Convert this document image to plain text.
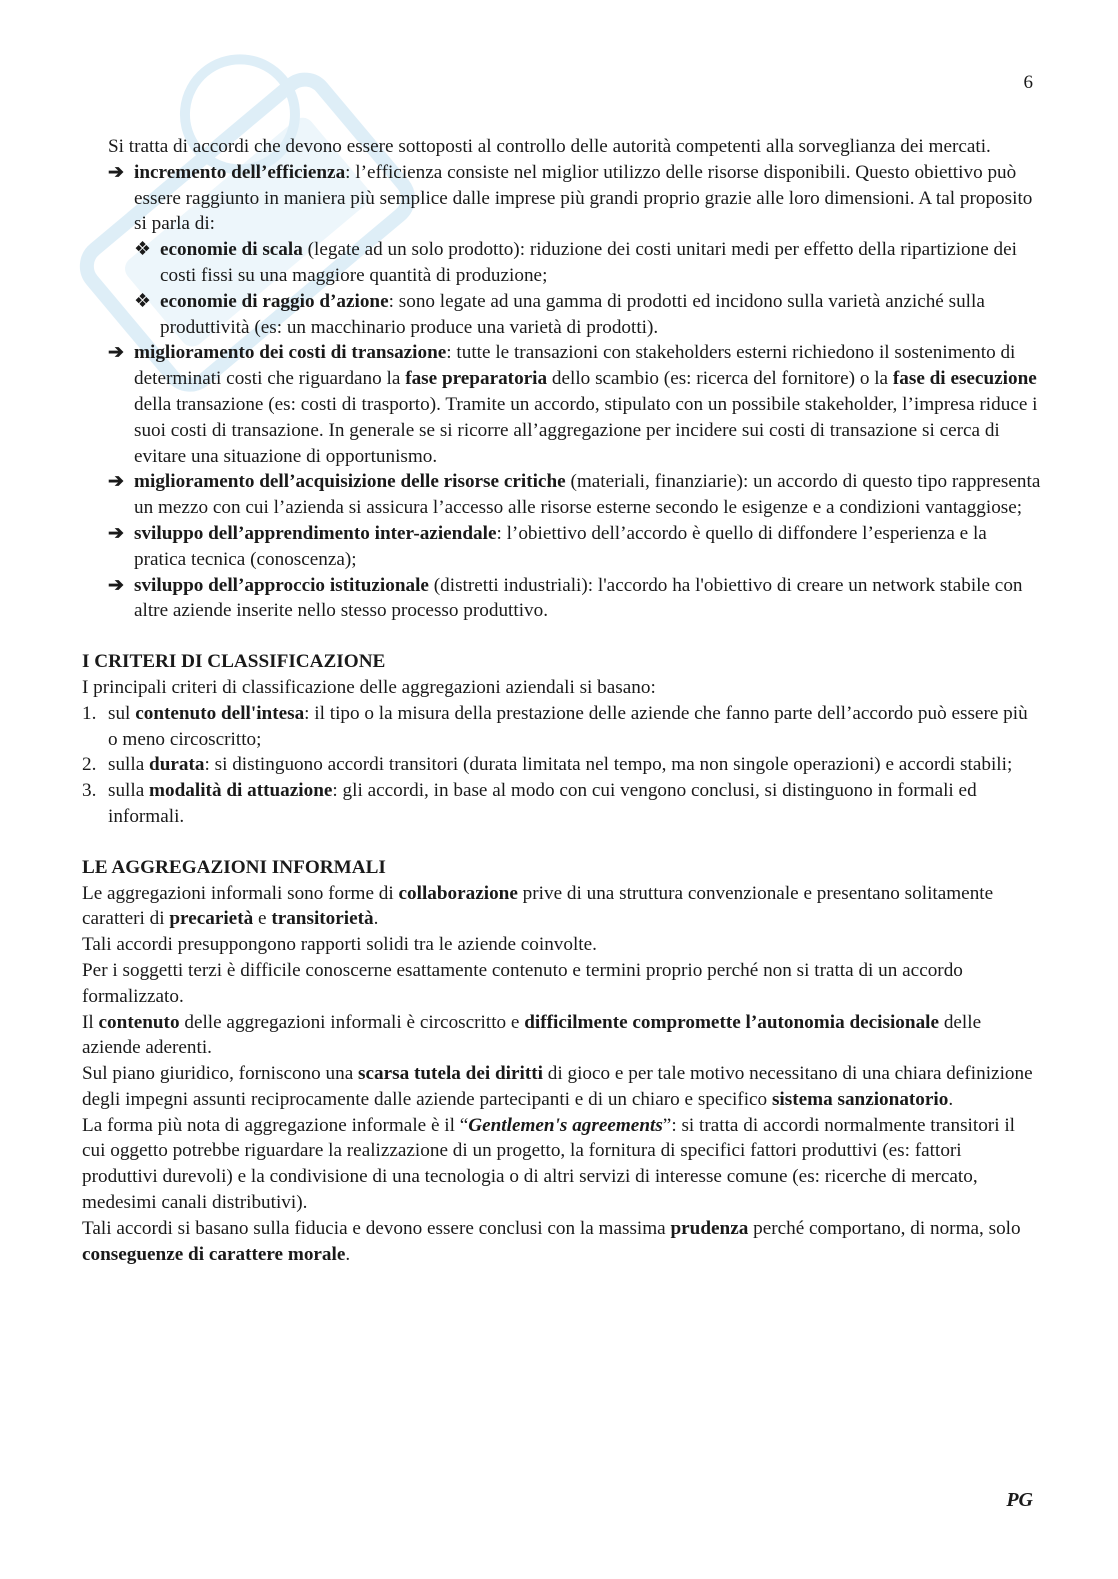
6

Si tratta di accordi che devono essere sottoposti al controllo delle autorità competenti alla sorveglianza dei mercati.

➔ incremento dell’efficienza: l’efficienza consiste nel miglior utilizzo delle risorse disponibili. Questo obiettivo può essere raggiunto in maniera più semplice dalle imprese più grandi proprio grazie alle loro dimensioni. A tal proposito si parla di:
❖ economie di scala (legate ad un solo prodotto): riduzione dei costi unitari medi per effetto della ripartizione dei costi fissi su una maggiore quantità di produzione;
❖ economie di raggio d’azione: sono legate ad una gamma di prodotti ed incidono sulla varietà anziché sulla produttività (es: un macchinario produce una varietà di prodotti).
➔ miglioramento dei costi di transazione: tutte le transazioni con stakeholders esterni richiedono il sostenimento di determinati costi che riguardano la fase preparatoria dello scambio (es: ricerca del fornitore) o la fase di esecuzione della transazione (es: costi di trasporto). Tramite un accordo, stipulato con un possibile stakeholder, l’impresa riduce i suoi costi di transazione. In generale se si ricorre all’aggregazione per incidere sui costi di transazione si cerca di evitare una situazione di opportunismo.
➔ miglioramento dell’acquisizione delle risorse critiche (materiali, finanziarie): un accordo di questo tipo rappresenta un mezzo con cui l’azienda si assicura l’accesso alle risorse esterne secondo le esigenze e a condizioni vantaggiose;
➔ sviluppo dell’apprendimento inter-aziendale: l’obiettivo dell’accordo è quello di diffondere l’esperienza e la pratica tecnica (conoscenza);
➔ sviluppo dell’approccio istituzionale (distretti industriali): l'accordo ha l'obiettivo di creare un network stabile con altre aziende inserite nello stesso processo produttivo.
I CRITERI DI CLASSIFICAZIONE

I principali criteri di classificazione delle aggregazioni aziendali si basano:

1. sul contenuto dell'intesa: il tipo o la misura della prestazione delle aziende che fanno parte dell’accordo può essere più o meno circoscritto;
2. sulla durata: si distinguono accordi transitori (durata limitata nel tempo, ma non singole operazioni) e accordi stabili;
3. sulla modalità di attuazione: gli accordi, in base al modo con cui vengono conclusi, si distinguono in formali ed informali.
LE AGGREGAZIONI INFORMALI

Le aggregazioni informali sono forme di collaborazione prive di una struttura convenzionale e presentano solitamente caratteri di precarietà e transitorietà.

Tali accordi presuppongono rapporti solidi tra le aziende coinvolte.

Per i soggetti terzi è difficile conoscerne esattamente contenuto e termini proprio perché non si tratta di un accordo formalizzato.

Il contenuto delle aggregazioni informali è circoscritto e difficilmente compromette l’autonomia decisionale delle aziende aderenti.

Sul piano giuridico, forniscono una scarsa tutela dei diritti di gioco e per tale motivo necessitano di una chiara definizione degli impegni assunti reciprocamente dalle aziende partecipanti e di un chiaro e specifico sistema sanzionatorio.

La forma più nota di aggregazione informale è il “Gentlemen's agreements”: si tratta di accordi normalmente transitori il cui oggetto potrebbe riguardare la realizzazione di un progetto, la fornitura di specifici fattori produttivi (es: fattori produttivi durevoli) e la condivisione di una tecnologia o di altri servizi di interesse comune (es: ricerche di mercato, medesimi canali distributivi).

Tali accordi si basano sulla fiducia e devono essere conclusi con la massima prudenza perché comportano, di norma, solo conseguenze di carattere morale.

PG
